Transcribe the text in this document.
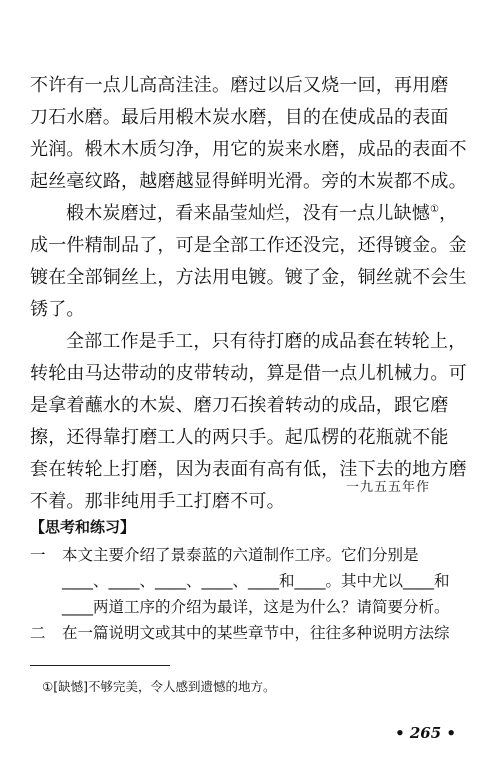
不许有一点儿高高洼洼。磨过以后又烧一回，再用磨
刀石水磨。最后用椴木炭水磨，目的在使成品的表面
光润。椴木木质匀净，用它的炭来水磨，成品的表面不
起丝毫纹路，越磨越显得鲜明光滑。旁的木炭都不成。

椴木炭磨过，看来晶莹灿烂，没有一点儿缺憾①，
成一件精制品了，可是全部工作还没完，还得镀金。金
镀在全部铜丝上，方法用电镀。镀了金，铜丝就不会生
锈了。

全部工作是手工，只有待打磨的成品套在转轮上，
转轮由马达带动的皮带转动，算是借一点儿机械力。可
是拿着蘸水的木炭、磨刀石挨着转动的成品，跟它磨
擦，还得靠打磨工人的两只手。起瓜楞的花瓶就不能
套在转轮上打磨，因为表面有高有低，洼下去的地方磨
不着。那非纯用手工打磨不可。

一九五五年作
【思考和练习】
一 本文主要介绍了景泰蓝的六道制作工序。它们分别是
____、____、____、____、____和____。其中尤以____和
____两道工序的介绍为最详，这是为什么？请简要分析。
二 在一篇说明文或其中的某些章节中，往往多种说明方法综
①[缺憾]不够完美，令人感到遗憾的地方。
• 265 •
